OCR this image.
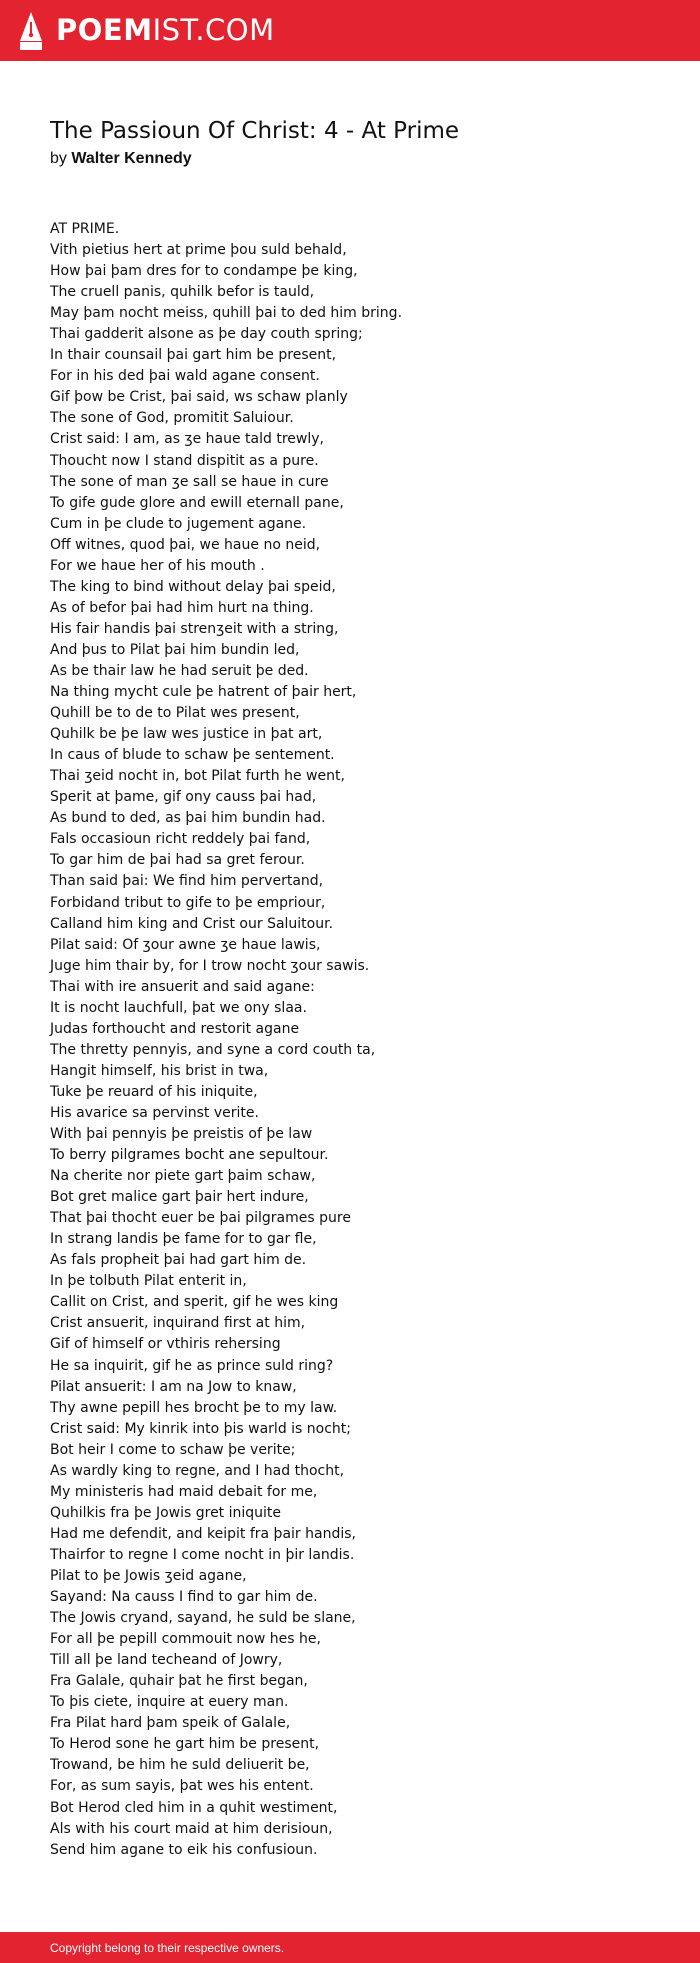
POEMIST.COM
The Passioun Of Christ: 4 - At Prime
by Walter Kennedy
AT PRIME.
Vith pietius hert at prime þou suld behald,
How þai þam dres for to condampe þe king,
The cruell panis, quhilk befor is tauld,
May þam nocht meiss, quhill þai to ded him bring.
Thai gadderit alsone as þe day couth spring;
In thair counsail þai gart him be present,
For in his ded þai wald agane consent.
Gif þow be Crist, þai said, ws schaw planly
The sone of God, promitit Saluiour.
Crist said: I am, as ʒe haue tald trewly,
Thoucht now I stand dispitit as a pure.
The sone of man ʒe sall se haue in cure
To gife gude glore and ewill eternall pane,
Cum in þe clude to jugement agane.
Off witnes, quod þai, we haue no neid,
For we haue her of his mouth .
The king to bind without delay þai speid,
As of befor þai had him hurt na thing.
His fair handis þai strenʒeit with a string,
And þus to Pilat þai him bundin led,
As be thair law he had seruit þe ded.
Na thing mycht cule þe hatrent of þair hert,
Quhill be to de to Pilat wes present,
Quhilk be þe law wes justice in þat art,
In caus of blude to schaw þe sentement.
Thai ʒeid nocht in, bot Pilat furth he went,
Sperit at þame, gif ony causs þai had,
As bund to ded, as þai him bundin had.
Fals occasioun richt reddely þai fand,
To gar him de þai had sa gret ferour.
Than said þai: We find him pervertand,
Forbidand tribut to gife to þe empriour,
Calland him king and Crist our Saluitour.
Pilat said: Of ʒour awne ʒe haue lawis,
Juge him thair by, for I trow nocht ʒour sawis.
Thai with ire ansuerit and said agane:
It is nocht lauchfull, þat we ony slaa.
Judas forthoucht and restorit agane
The thretty pennyis, and syne a cord couth ta,
Hangit himself, his brist in twa,
Tuke þe reuard of his iniquite,
His avarice sa pervinst verite.
With þai pennyis þe preistis of þe law
To berry pilgrames bocht ane sepultour.
Na cherite nor piete gart þaim schaw,
Bot gret malice gart þair hert indure,
That þai thocht euer be þai pilgrames pure
In strang landis þe fame for to gar fle,
As fals propheit þai had gart him de.
In þe tolbuth Pilat enterit in,
Callit on Crist, and sperit, gif he wes king
Crist ansuerit, inquirand first at him,
Gif of himself or vthiris rehersing
He sa inquirit, gif he as prince suld ring?
Pilat ansuerit: I am na Jow to knaw,
Thy awne pepill hes brocht þe to my law.
Crist said: My kinrik into þis warld is nocht;
Bot heir I come to schaw þe verite;
As wardly king to regne, and I had thocht,
My ministeris had maid debait for me,
Quhilkis fra þe Jowis gret iniquite
Had me defendit, and keipit fra þair handis,
Thairfor to regne I come nocht in þir landis.
Pilat to þe Jowis ʒeid agane,
Sayand: Na causs I find to gar him de.
The Jowis cryand, sayand, he suld be slane,
For all þe pepill commouit now hes he,
Till all þe land techeand of Jowry,
Fra Galale, quhair þat he first began,
To þis ciete, inquire at euery man.
Fra Pilat hard þam speik of Galale,
To Herod sone he gart him be present,
Trowand, be him he suld deliuerit be,
For, as sum sayis, þat wes his entent.
Bot Herod cled him in a quhit westiment,
Als with his court maid at him derisioun,
Send him agane to eik his confusioun.
Copyright belong to their respective owners.
